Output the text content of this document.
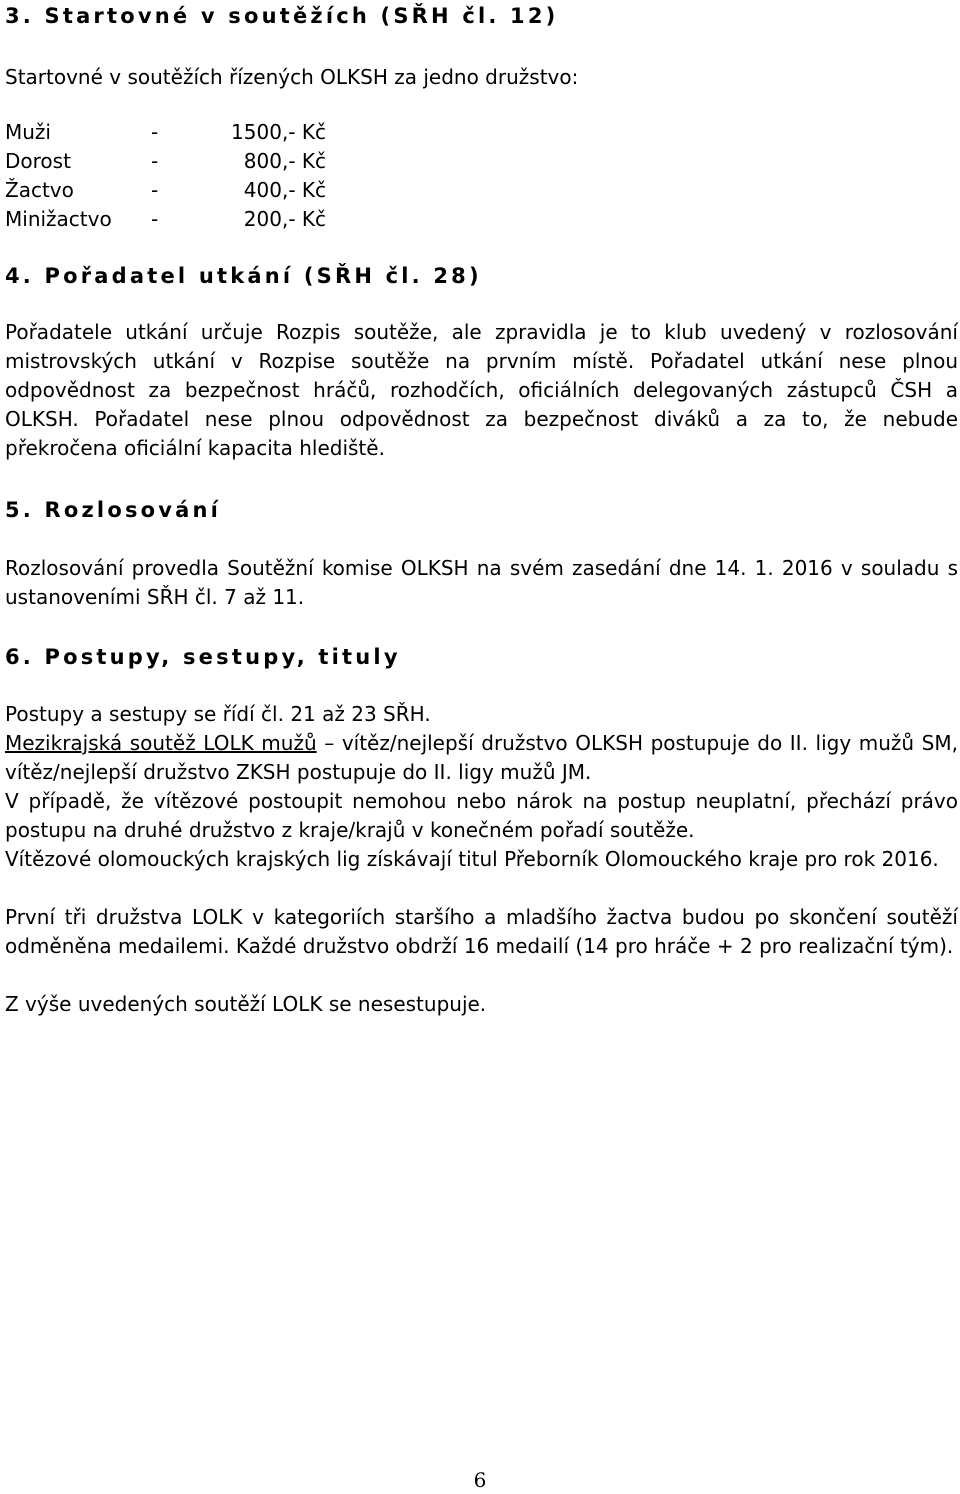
3. Startovné v soutěžích (SŘH čl. 12)

Startovné v soutěžích řízených OLKSH za jedno družstvo:

Muži	-	1500,- Kč
Dorost	-	800,- Kč
Žactvo	-	400,- Kč
Minižactvo	-	200,- Kč
4. Pořadatel utkání (SŘH čl. 28)

Pořadatele utkání určuje Rozpis soutěže, ale zpravidla je to klub uvedený v rozlosování mistrovských utkání v Rozpise soutěže na prvním místě. Pořadatel utkání nese plnou odpovědnost za bezpečnost hráčů, rozhodčích, oficiálních delegovaných zástupců ČSH a OLKSH. Pořadatel nese plnou odpovědnost za bezpečnost diváků a za to, že nebude překročena oficiální kapacita hlediště.

5. Rozlosování

Rozlosování provedla Soutěžní komise OLKSH na svém zasedání dne 14. 1. 2016 v souladu s ustanoveními SŘH čl. 7 až 11.

6. Postupy, sestupy, tituly

Postupy a sestupy se řídí čl. 21 až 23 SŘH.

Mezikrajská soutěž LOLK mužů – vítěz/nejlepší družstvo OLKSH postupuje do II. ligy mužů SM, vítěz/nejlepší družstvo ZKSH postupuje do II. ligy mužů JM.

V případě, že vítězové postoupit nemohou nebo nárok na postup neuplatní, přechází právo postupu na druhé družstvo z kraje/krajů v konečném pořadí soutěže.

Vítězové olomouckých krajských lig získávají titul Přeborník Olomouckého kraje pro rok 2016.

První tři družstva LOLK v kategoriích staršího a mladšího žactva budou po skončení soutěží odměněna medailemi. Každé družstvo obdrží 16 medailí (14 pro hráče + 2 pro realizační tým).

Z výše uvedených soutěží LOLK se nesestupuje.

6
